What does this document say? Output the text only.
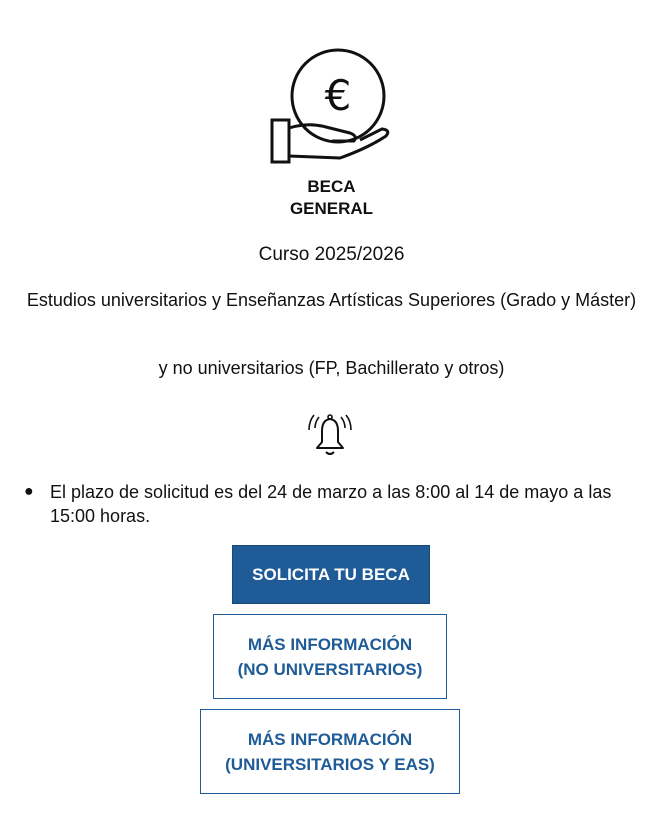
€
BECA
GENERAL
Curso 2025/2026
Estudios universitarios y Enseñanzas Artísticas Superiores (Grado y Máster)
y no universitarios (FP, Bachillerato y otros)
● El plazo de solicitud es del 24 de marzo a las 8:00 al 14 de mayo a las 15:00 horas.
SOLICITA TU BECA
MÁS INFORMACIÓN
(NO UNIVERSITARIOS)
MÁS INFORMACIÓN
(UNIVERSITARIOS Y EAS)
